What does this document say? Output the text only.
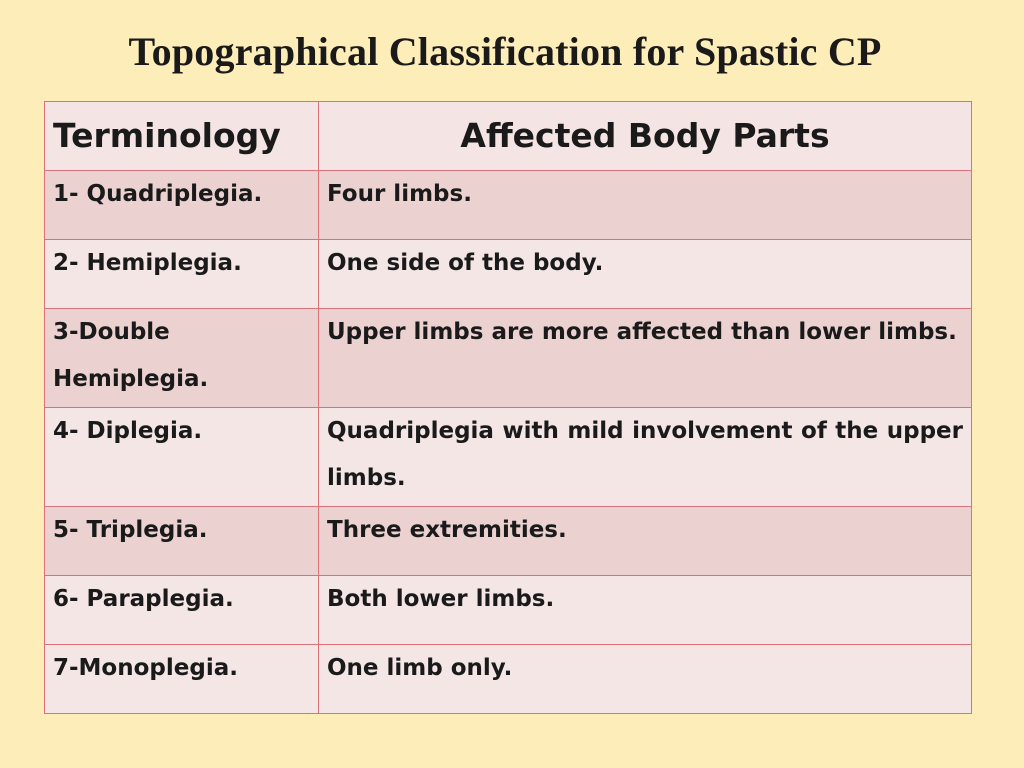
Topographical Classification for Spastic CP
Terminology	Affected Body Parts
1- Quadriplegia.	Four limbs.
2- Hemiplegia.	One side of the body.
3-Double Hemiplegia.	Upper limbs are more affected than lower limbs.
4- Diplegia.	Quadriplegia with mild involvement of the upper limbs.
5- Triplegia.	Three extremities.
6- Paraplegia.	Both lower limbs.
7-Monoplegia.	One limb only.
